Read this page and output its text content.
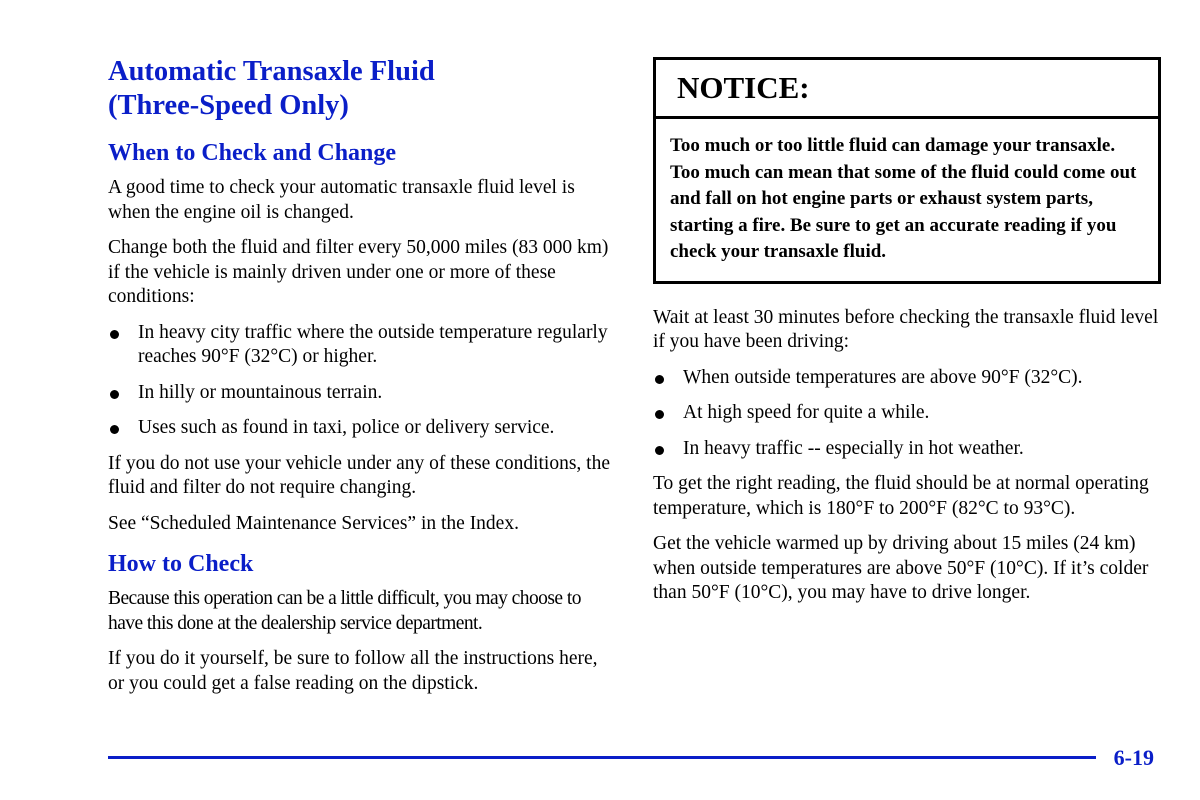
Automatic Transaxle Fluid
(Three-Speed Only)
When to Check and Change

A good time to check your automatic transaxle fluid level is when the engine oil is changed.

Change both the fluid and filter every 50,000 miles (83 000 km) if the vehicle is mainly driven under one or more of these conditions:

In heavy city traffic where the outside temperature regularly reaches 90°F (32°C) or higher.
In hilly or mountainous terrain.
Uses such as found in taxi, police or delivery service.

If you do not use your vehicle under any of these conditions, the fluid and filter do not require changing.

See “Scheduled Maintenance Services” in the Index.

How to Check

Because this operation can be a little difficult, you may choose to have this done at the dealership service department.

If you do it yourself, be sure to follow all the instructions here, or you could get a false reading on the dipstick.

NOTICE:
Too much or too little fluid can damage your transaxle. Too much can mean that some of the fluid could come out and fall on hot engine parts or exhaust system parts, starting a fire. Be sure to get an accurate reading if you check your transaxle fluid.

Wait at least 30 minutes before checking the transaxle fluid level if you have been driving:

When outside temperatures are above 90°F (32°C).
At high speed for quite a while.
In heavy traffic -- especially in hot weather.

To get the right reading, the fluid should be at normal operating temperature, which is 180°F to 200°F (82°C to 93°C).

Get the vehicle warmed up by driving about 15 miles (24 km) when outside temperatures are above 50°F (10°C). If it’s colder than 50°F (10°C), you may have to drive longer.

6-19
